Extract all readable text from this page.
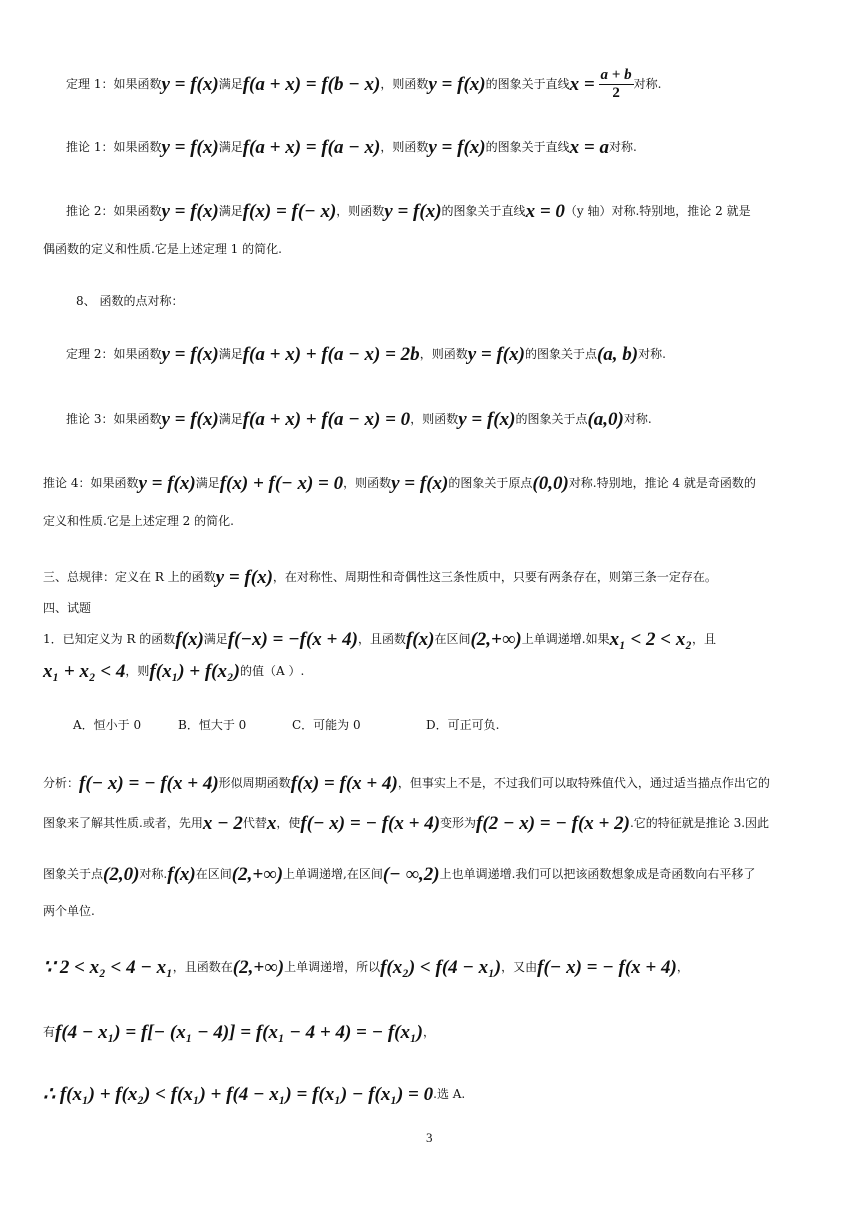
定理 1：如果函数y = f(x)满足f(a + x) = f(b − x)，则函数y = f(x)的图象关于直线$x = \frac{a + b}{2}$ 对称.
推论 1：如果函数y = f(x)满足f(a + x) = f(a − x)，则函数y = f(x)的图象关于直线x = a对称.
推论 2：如果函数y = f(x)满足f(x) = f(− x)，则函数y = f(x)的图象关于直线x = 0（y 轴）对称.特别地，推论 2 就是
偶函数的定义和性质.它是上述定理 1 的简化.
8、 函数的点对称：
定理 2：如果函数y = f(x)满足f(a + x) + f(a − x) = 2b，则函数y = f(x)的图象关于点(a, b)对称.
推论 3：如果函数y = f(x)满足f(a + x) + f(a − x) = 0，则函数y = f(x)的图象关于点(a,0)对称.
推论 4：如果函数y = f(x)满足f(x) + f(− x) = 0，则函数y = f(x)的图象关于原点(0,0)对称.特别地，推论 4 就是奇函数的
定义和性质.它是上述定理 2 的简化.
三、总规律：定义在 R 上的函数y = f(x)，在对称性、周期性和奇偶性这三条性质中，只要有两条存在，则第三条一定存在。
四、试题
1．已知定义为 R 的函数f(x)满足f(−x) = −f(x + 4)，且函数f(x)在区间(2,+∞)上单调递增.如果x₁ < 2 < x₂，且
x₁ + x₂ < 4，则f(x₁) + f(x₂)的值（A ）.
A．恒小于 0	B．恒大于 0	C．可能为 0	D．可正可负.
分析：f(− x) = − f(x + 4)形似周期函数f(x) = f(x + 4)，但事实上不是，不过我们可以取特殊值代入，通过适当描点作出它的
图象来了解其性质.或者，先用x − 2代替x，使f(− x) = − f(x + 4)变形为f(2 − x) = − f(x + 2).它的特征就是推论 3.因此
图象关于点(2,0)对称.f(x)在区间(2,+∞)上单调递增,在区间(− ∞,2)上也单调递增.我们可以把该函数想象成是奇函数向右平移了
两个单位.
∵ 2 < x₂ < 4 − x₁，且函数在(2,+∞)上单调递增，所以f(x₂) < f(4 − x₁)，又由f(− x) = − f(x + 4)，
有f(4 − x₁) = f[− (x₁ − 4)] = f(x₁ − 4 + 4) = − f(x₁)，
∴ f(x₁) + f(x₂) < f(x₁) + f(4 − x₁) = f(x₁) − f(x₁) = 0.选 A.
3
